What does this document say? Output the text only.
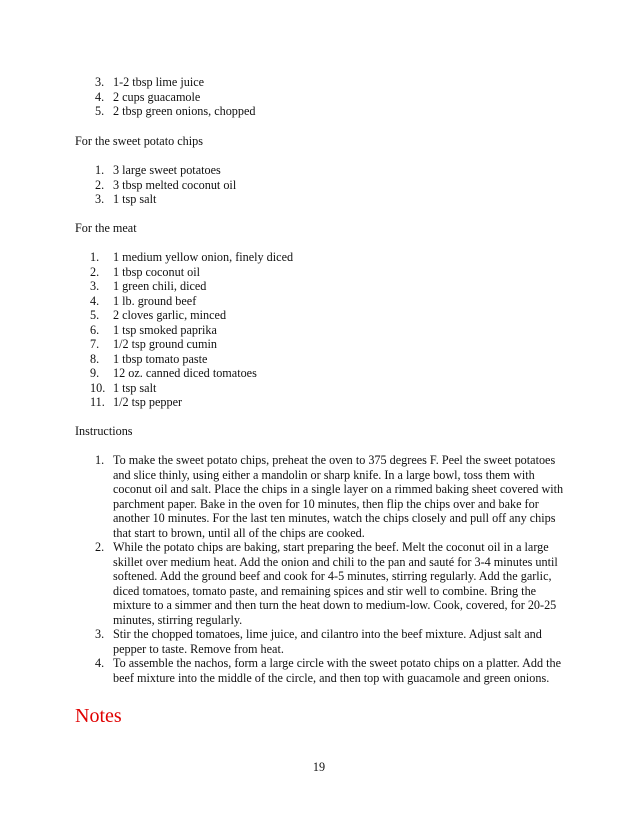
3. 1-2 tbsp lime juice
4. 2 cups guacamole
5. 2 tbsp green onions, chopped
For the sweet potato chips
1. 3 large sweet potatoes
2. 3 tbsp melted coconut oil
3. 1 tsp salt
For the meat
1. 1 medium yellow onion, finely diced
2. 1 tbsp coconut oil
3. 1 green chili, diced
4. 1 lb. ground beef
5. 2 cloves garlic, minced
6. 1 tsp smoked paprika
7. 1/2 tsp ground cumin
8. 1 tbsp tomato paste
9. 12 oz. canned diced tomatoes
10. 1 tsp salt
11. 1/2 tsp pepper
Instructions
1. To make the sweet potato chips, preheat the oven to 375 degrees F. Peel the sweet potatoes and slice thinly, using either a mandolin or sharp knife. In a large bowl, toss them with coconut oil and salt. Place the chips in a single layer on a rimmed baking sheet covered with parchment paper. Bake in the oven for 10 minutes, then flip the chips over and bake for another 10 minutes. For the last ten minutes, watch the chips closely and pull off any chips that start to brown, until all of the chips are cooked.
2. While the potato chips are baking, start preparing the beef. Melt the coconut oil in a large skillet over medium heat. Add the onion and chili to the pan and sauté for 3-4 minutes until softened. Add the ground beef and cook for 4-5 minutes, stirring regularly. Add the garlic, diced tomatoes, tomato paste, and remaining spices and stir well to combine. Bring the mixture to a simmer and then turn the heat down to medium-low. Cook, covered, for 20-25 minutes, stirring regularly.
3. Stir the chopped tomatoes, lime juice, and cilantro into the beef mixture. Adjust salt and pepper to taste. Remove from heat.
4. To assemble the nachos, form a large circle with the sweet potato chips on a platter. Add the beef mixture into the middle of the circle, and then top with guacamole and green onions.
Notes
19
